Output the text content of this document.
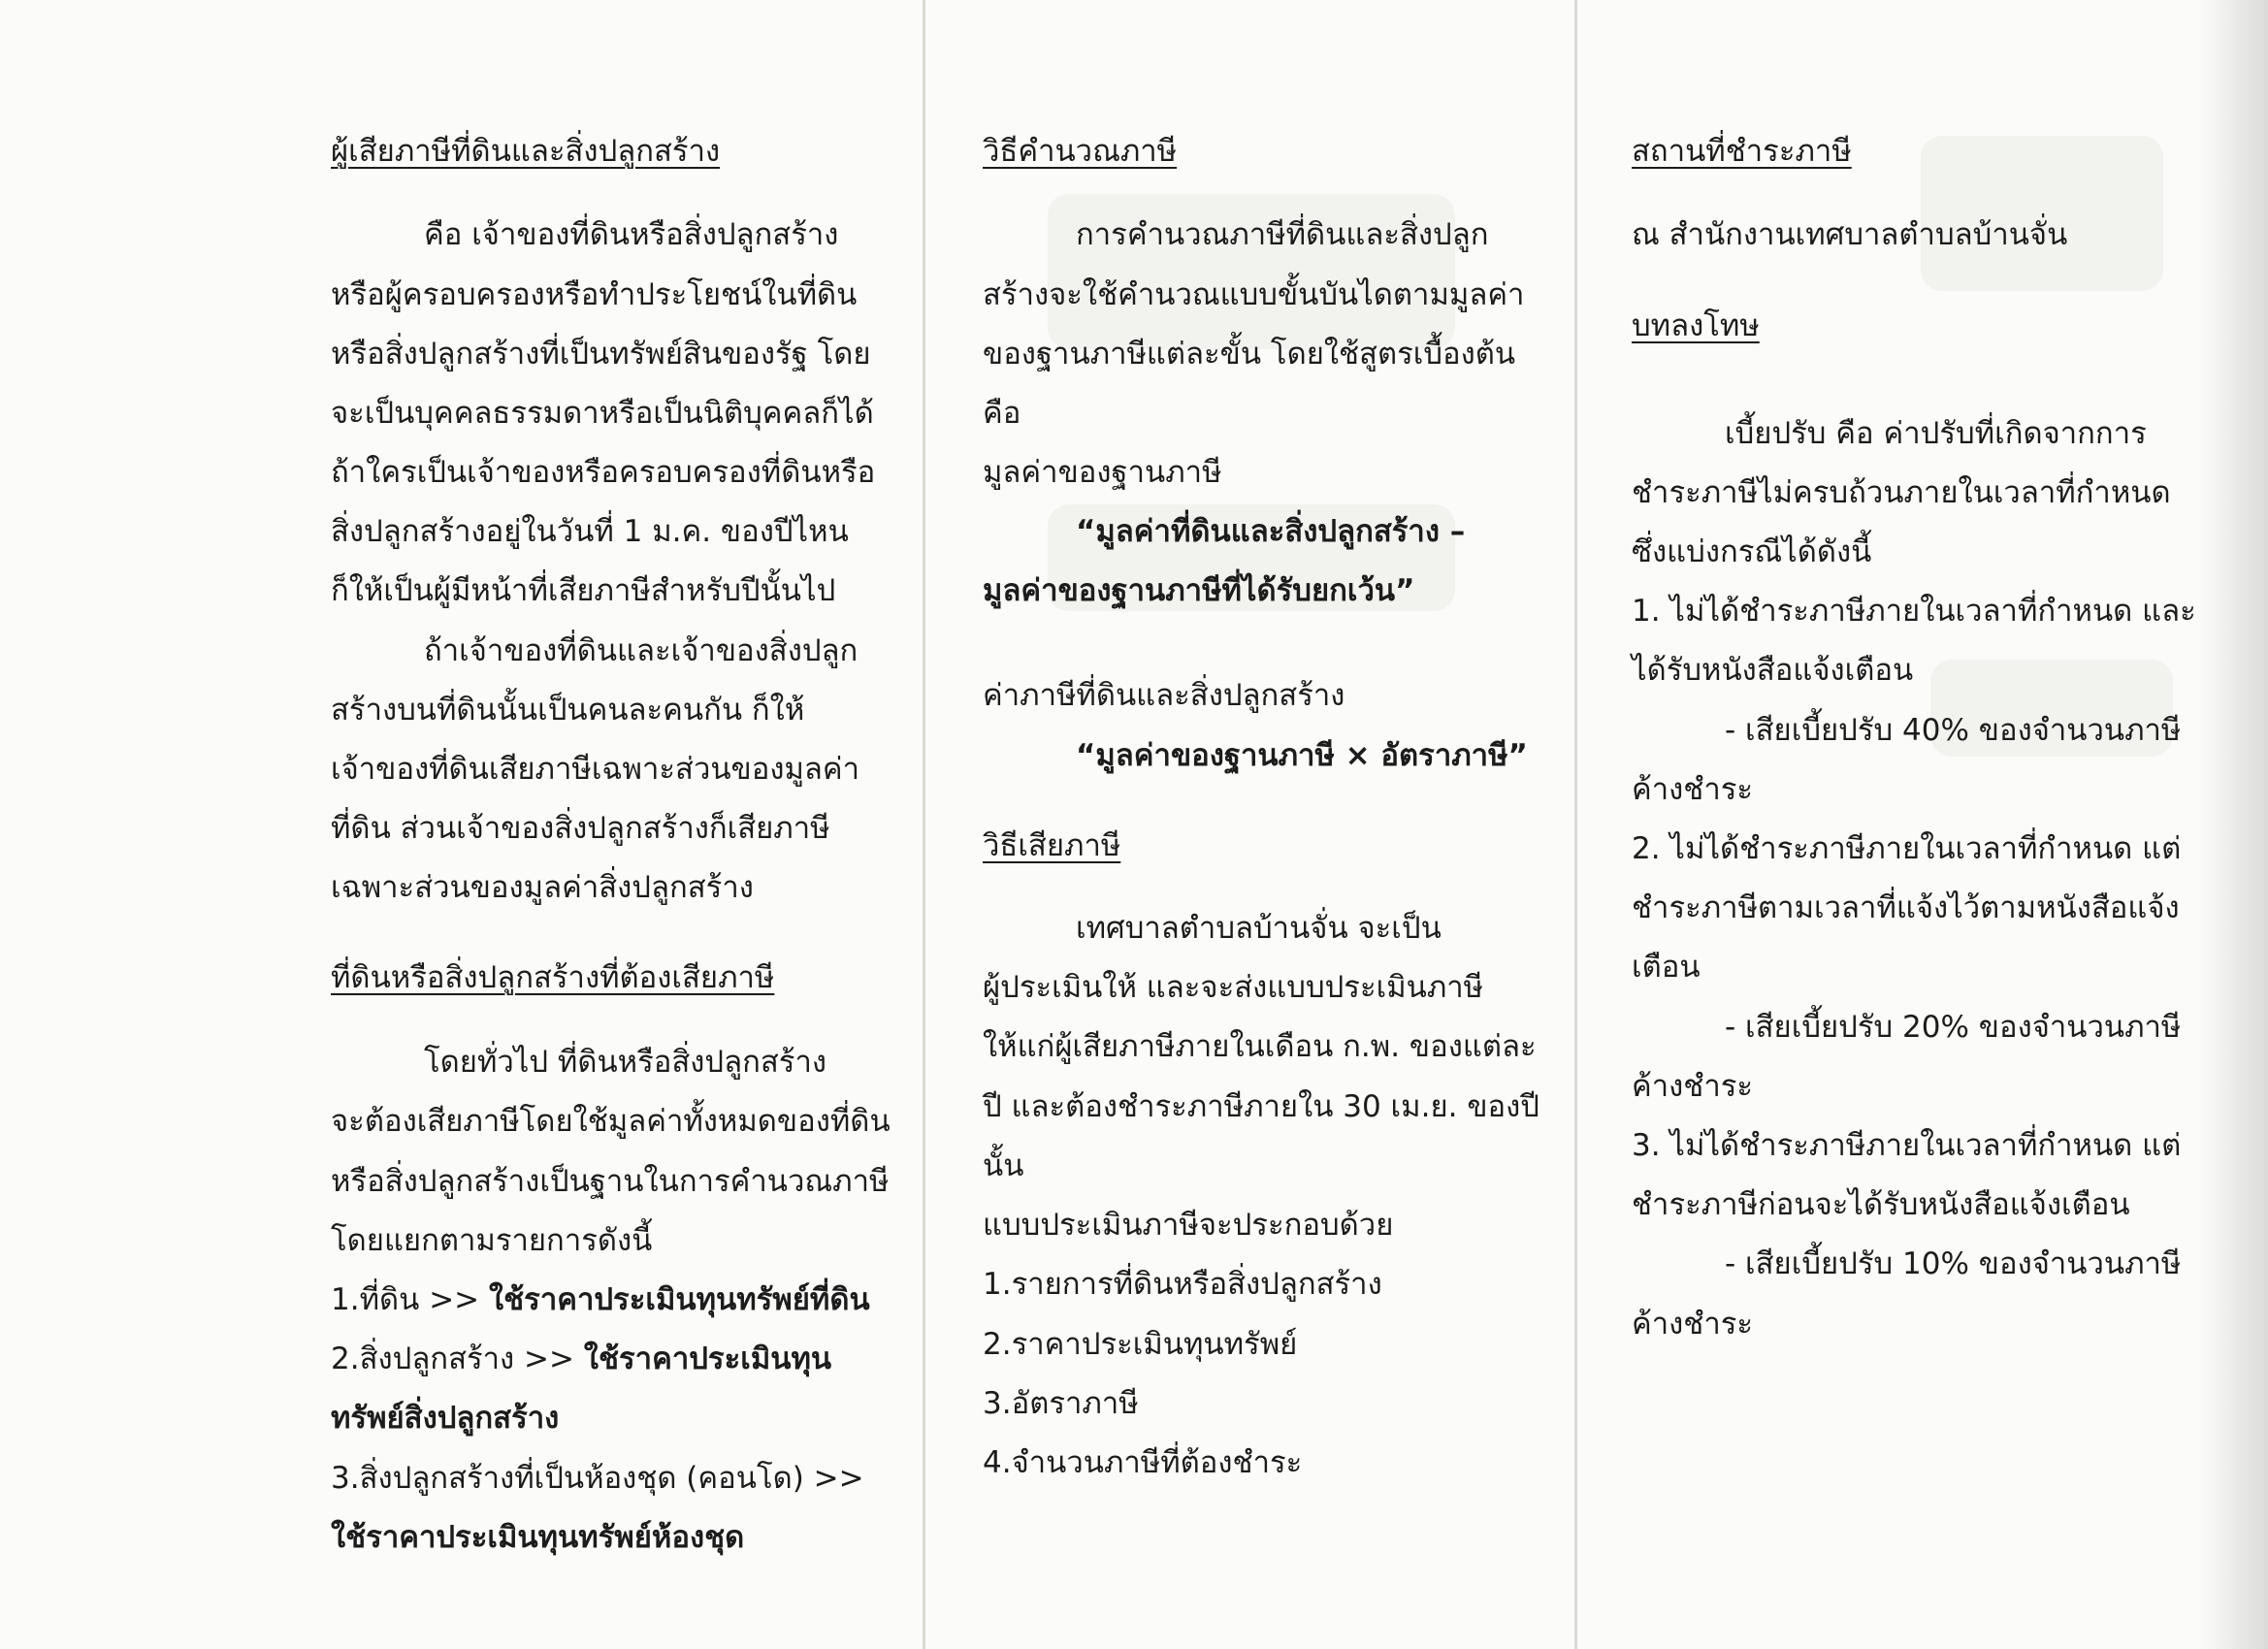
ผู้เสียภาษีที่ดินและสิ่งปลูกสร้าง
คือ เจ้าของที่ดินหรือสิ่งปลูกสร้าง
หรือผู้ครอบครองหรือทำประโยชน์ในที่ดิน
หรือสิ่งปลูกสร้างที่เป็นทรัพย์สินของรัฐ โดย
จะเป็นบุคคลธรรมดาหรือเป็นนิติบุคคลก็ได้
ถ้าใครเป็นเจ้าของหรือครอบครองที่ดินหรือ
สิ่งปลูกสร้างอยู่ในวันที่ 1 ม.ค. ของปีไหน
ก็ให้เป็นผู้มีหน้าที่เสียภาษีสำหรับปีนั้นไป
ถ้าเจ้าของที่ดินและเจ้าของสิ่งปลูก
สร้างบนที่ดินนั้นเป็นคนละคนกัน ก็ให้
เจ้าของที่ดินเสียภาษีเฉพาะส่วนของมูลค่า
ที่ดิน ส่วนเจ้าของสิ่งปลูกสร้างก็เสียภาษี
เฉพาะส่วนของมูลค่าสิ่งปลูกสร้าง
ที่ดินหรือสิ่งปลูกสร้างที่ต้องเสียภาษี
โดยทั่วไป ที่ดินหรือสิ่งปลูกสร้าง
จะต้องเสียภาษีโดยใช้มูลค่าทั้งหมดของที่ดิน
หรือสิ่งปลูกสร้างเป็นฐานในการคำนวณภาษี
โดยแยกตามรายการดังนี้
1.ที่ดิน >> ใช้ราคาประเมินทุนทรัพย์ที่ดิน
2.สิ่งปลูกสร้าง >> ใช้ราคาประเมินทุน
ทรัพย์สิ่งปลูกสร้าง
3.สิ่งปลูกสร้างที่เป็นห้องชุด (คอนโด) >>
ใช้ราคาประเมินทุนทรัพย์ห้องชุด
วิธีคำนวณภาษี
การคำนวณภาษีที่ดินและสิ่งปลูก
สร้างจะใช้คำนวณแบบขั้นบันไดตามมูลค่า
ของฐานภาษีแต่ละขั้น โดยใช้สูตรเบื้องต้น
คือ
มูลค่าของฐานภาษี
“มูลค่าที่ดินและสิ่งปลูกสร้าง –
มูลค่าของฐานภาษีที่ได้รับยกเว้น”
ค่าภาษีที่ดินและสิ่งปลูกสร้าง
“มูลค่าของฐานภาษี × อัตราภาษี”
วิธีเสียภาษี
เทศบาลตำบลบ้านจั่น จะเป็น
ผู้ประเมินให้ และจะส่งแบบประเมินภาษี
ให้แก่ผู้เสียภาษีภายในเดือน ก.พ. ของแต่ละ
ปี และต้องชำระภาษีภายใน 30 เม.ย. ของปี
นั้น
แบบประเมินภาษีจะประกอบด้วย
1.รายการที่ดินหรือสิ่งปลูกสร้าง
2.ราคาประเมินทุนทรัพย์
3.อัตราภาษี
4.จำนวนภาษีที่ต้องชำระ
สถานที่ชำระภาษี
ณ สำนักงานเทศบาลตำบลบ้านจั่น
บทลงโทษ
เบี้ยปรับ คือ ค่าปรับที่เกิดจากการ
ชำระภาษีไม่ครบถ้วนภายในเวลาที่กำหนด
ซึ่งแบ่งกรณีได้ดังนี้
1. ไม่ได้ชำระภาษีภายในเวลาที่กำหนด และ
ได้รับหนังสือแจ้งเตือน
- เสียเบี้ยปรับ 40% ของจำนวนภาษี
ค้างชำระ
2. ไม่ได้ชำระภาษีภายในเวลาที่กำหนด แต่
ชำระภาษีตามเวลาที่แจ้งไว้ตามหนังสือแจ้ง
เตือน
- เสียเบี้ยปรับ 20% ของจำนวนภาษี
ค้างชำระ
3. ไม่ได้ชำระภาษีภายในเวลาที่กำหนด แต่
ชำระภาษีก่อนจะได้รับหนังสือแจ้งเตือน
- เสียเบี้ยปรับ 10% ของจำนวนภาษี
ค้างชำระ
